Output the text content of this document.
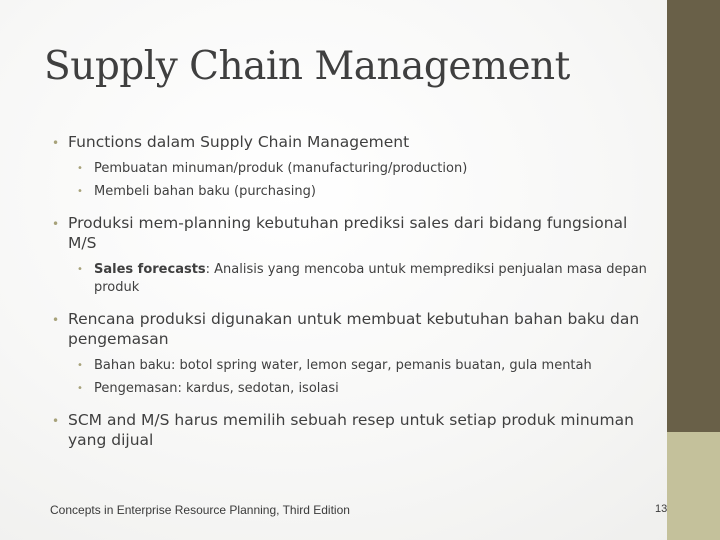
Supply Chain Management
• Functions dalam Supply Chain Management
• Pembuatan minuman/produk (manufacturing/production)
• Membeli bahan baku (purchasing)
• Produksi mem-planning kebutuhan prediksi sales dari bidang fungsional M/S
• Sales forecasts: Analisis yang mencoba untuk memprediksi penjualan masa depan produk
• Rencana produksi digunakan untuk membuat kebutuhan bahan baku dan pengemasan
• Bahan baku: botol spring water, lemon segar, pemanis buatan, gula mentah
• Pengemasan: kardus, sedotan, isolasi
• SCM and M/S harus memilih sebuah resep untuk setiap produk minuman yang dijual
Concepts in Enterprise Resource Planning, Third Edition	13
